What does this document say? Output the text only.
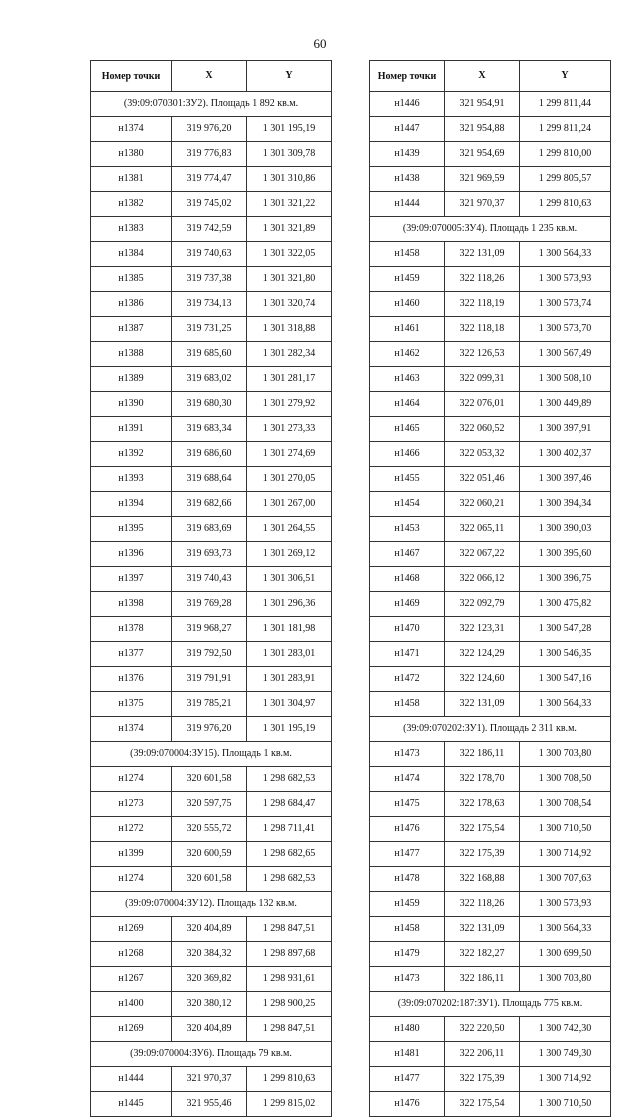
60
Номер точки	X	Y
(39:09:070301:ЗУ2). Площадь 1 892 кв.м.		
н1374	319 976,20	1 301 195,19
н1380	319 776,83	1 301 309,78
н1381	319 774,47	1 301 310,86
н1382	319 745,02	1 301 321,22
н1383	319 742,59	1 301 321,89
н1384	319 740,63	1 301 322,05
н1385	319 737,38	1 301 321,80
н1386	319 734,13	1 301 320,74
н1387	319 731,25	1 301 318,88
н1388	319 685,60	1 301 282,34
н1389	319 683,02	1 301 281,17
н1390	319 680,30	1 301 279,92
н1391	319 683,34	1 301 273,33
н1392	319 686,60	1 301 274,69
н1393	319 688,64	1 301 270,05
н1394	319 682,66	1 301 267,00
н1395	319 683,69	1 301 264,55
н1396	319 693,73	1 301 269,12
н1397	319 740,43	1 301 306,51
н1398	319 769,28	1 301 296,36
н1378	319 968,27	1 301 181,98
н1377	319 792,50	1 301 283,01
н1376	319 791,91	1 301 283,91
н1375	319 785,21	1 301 304,97
н1374	319 976,20	1 301 195,19
(39:09:070004:ЗУ15). Площадь 1 кв.м.		
н1274	320 601,58	1 298 682,53
н1273	320 597,75	1 298 684,47
н1272	320 555,72	1 298 711,41
н1399	320 600,59	1 298 682,65
н1274	320 601,58	1 298 682,53
(39:09:070004:ЗУ12). Площадь 132 кв.м.		
н1269	320 404,89	1 298 847,51
н1268	320 384,32	1 298 897,68
н1267	320 369,82	1 298 931,61
н1400	320 380,12	1 298 900,25
н1269	320 404,89	1 298 847,51
(39:09:070004:ЗУ6). Площадь 79 кв.м.		
н1444	321 970,37	1 299 810,63
н1445	321 955,46	1 299 815,02
Номер точки	X	Y
н1446	321 954,91	1 299 811,44
н1447	321 954,88	1 299 811,24
н1439	321 954,69	1 299 810,00
н1438	321 969,59	1 299 805,57
н1444	321 970,37	1 299 810,63
(39:09:070005:ЗУ4). Площадь 1 235 кв.м.		
н1458	322 131,09	1 300 564,33
н1459	322 118,26	1 300 573,93
н1460	322 118,19	1 300 573,74
н1461	322 118,18	1 300 573,70
н1462	322 126,53	1 300 567,49
н1463	322 099,31	1 300 508,10
н1464	322 076,01	1 300 449,89
н1465	322 060,52	1 300 397,91
н1466	322 053,32	1 300 402,37
н1455	322 051,46	1 300 397,46
н1454	322 060,21	1 300 394,34
н1453	322 065,11	1 300 390,03
н1467	322 067,22	1 300 395,60
н1468	322 066,12	1 300 396,75
н1469	322 092,79	1 300 475,82
н1470	322 123,31	1 300 547,28
н1471	322 124,29	1 300 546,35
н1472	322 124,60	1 300 547,16
н1458	322 131,09	1 300 564,33
(39:09:070202:ЗУ1). Площадь 2 311 кв.м.		
н1473	322 186,11	1 300 703,80
н1474	322 178,70	1 300 708,50
н1475	322 178,63	1 300 708,54
н1476	322 175,54	1 300 710,50
н1477	322 175,39	1 300 714,92
н1478	322 168,88	1 300 707,63
н1459	322 118,26	1 300 573,93
н1458	322 131,09	1 300 564,33
н1479	322 182,27	1 300 699,50
н1473	322 186,11	1 300 703,80
(39:09:070202:187:ЗУ1). Площадь 775 кв.м.		
н1480	322 220,50	1 300 742,30
н1481	322 206,11	1 300 749,30
н1477	322 175,39	1 300 714,92
н1476	322 175,54	1 300 710,50
